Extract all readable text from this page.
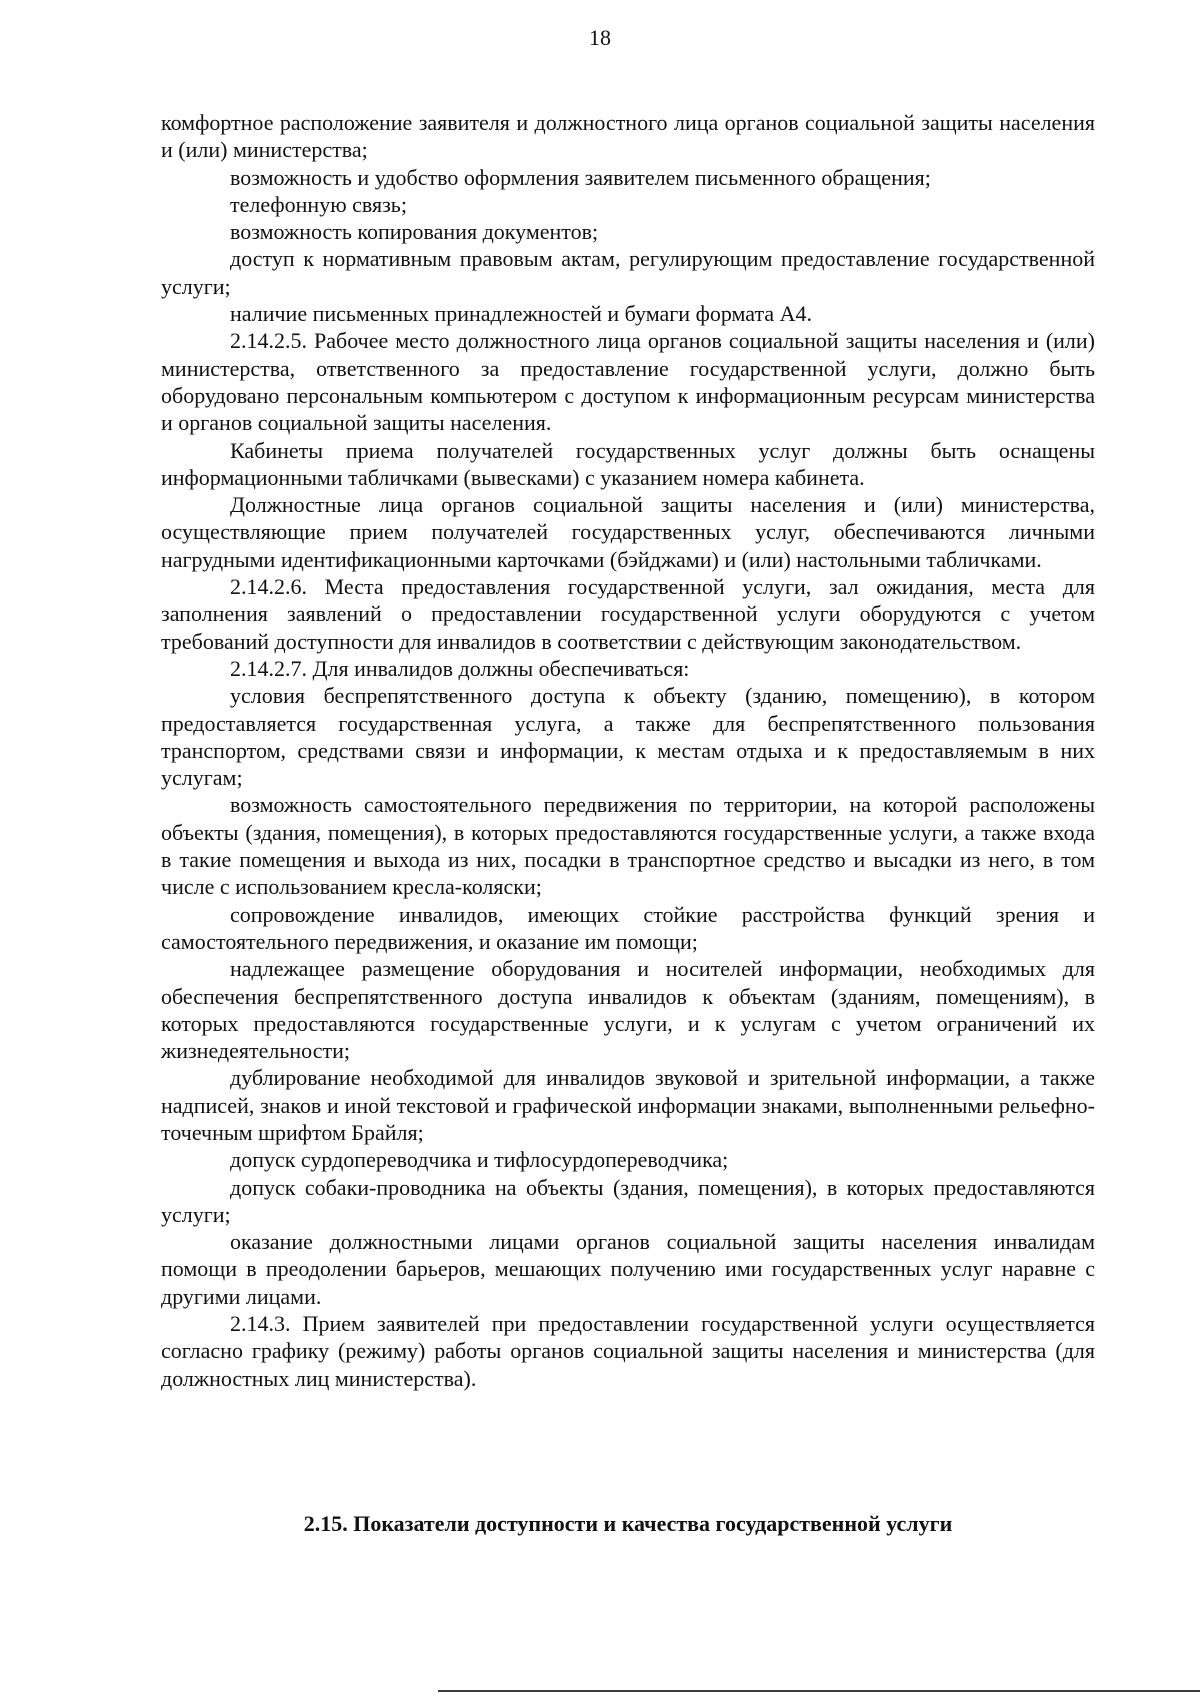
18

комфортное расположение заявителя и должностного лица органов социальной защиты населения и (или) министерства;

возможность и удобство оформления заявителем письменного обращения;

телефонную связь;

возможность копирования документов;

доступ к нормативным правовым актам, регулирующим предоставление государственной услуги;

наличие письменных принадлежностей и бумаги формата А4.

2.14.2.5. Рабочее место должностного лица органов социальной защиты населения и (или) министерства, ответственного за предоставление государственной услуги, должно быть оборудовано персональным компьютером с доступом к информационным ресурсам министерства и органов социальной защиты населения.

Кабинеты приема получателей государственных услуг должны быть оснащены информационными табличками (вывесками) с указанием номера кабинета.

Должностные лица органов социальной защиты населения и (или) министерства, осуществляющие прием получателей государственных услуг, обеспечиваются личными нагрудными идентификационными карточками (бэйджами) и (или) настольными табличками.

2.14.2.6. Места предоставления государственной услуги, зал ожидания, места для заполнения заявлений о предоставлении государственной услуги оборудуются с учетом требований доступности для инвалидов в соответствии с действующим законодательством.

2.14.2.7. Для инвалидов должны обеспечиваться:

условия беспрепятственного доступа к объекту (зданию, помещению), в котором предоставляется государственная услуга, а также для беспрепятственного пользования транспортом, средствами связи и информации, к местам отдыха и к предоставляемым в них услугам;

возможность самостоятельного передвижения по территории, на которой расположены объекты (здания, помещения), в которых предоставляются государственные услуги, а также входа в такие помещения и выхода из них, посадки в транспортное средство и высадки из него, в том числе с использованием кресла-коляски;

сопровождение инвалидов, имеющих стойкие расстройства функций зрения и самостоятельного передвижения, и оказание им помощи;

надлежащее размещение оборудования и носителей информации, необходимых для обеспечения беспрепятственного доступа инвалидов к объектам (зданиям, помещениям), в которых предоставляются государственные услуги, и к услугам с учетом ограничений их жизнедеятельности;

дублирование необходимой для инвалидов звуковой и зрительной информации, а также надписей, знаков и иной текстовой и графической информации знаками, выполненными рельефно-точечным шрифтом Брайля;

допуск сурдопереводчика и тифлосурдопереводчика;

допуск собаки-проводника на объекты (здания, помещения), в которых предоставляются услуги;

оказание должностными лицами органов социальной защиты населения инвалидам помощи в преодолении барьеров, мешающих получению ими государственных услуг наравне с другими лицами.

2.14.3. Прием заявителей при предоставлении государственной услуги осуществляется согласно графику (режиму) работы органов социальной защиты населения и министерства (для должностных лиц министерства).

2.15. Показатели доступности и качества государственной услуги
